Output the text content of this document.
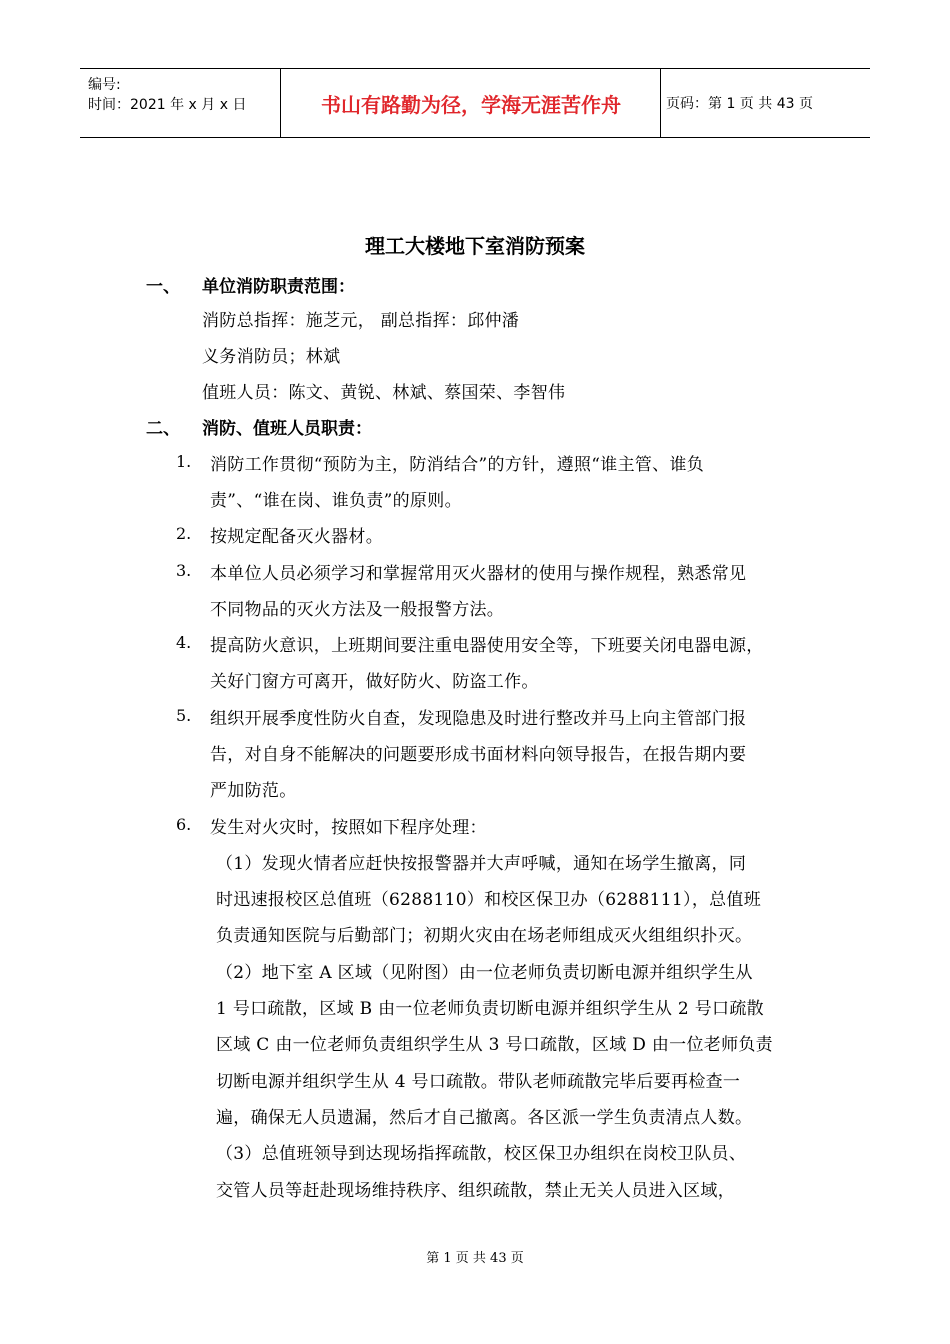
编号:
时间：2021 年 x 月 x 日	书山有路勤为径，学海无涯苦作舟	页码：第 1 页 共 43 页
理工大楼地下室消防预案
一、 单位消防职责范围：
消防总指挥：施芝元， 副总指挥：邱仲潘
义务消防员；林斌
值班人员：陈文、黄锐、林斌、蔡国荣、李智伟
二、 消防、值班人员职责：
1. 消防工作贯彻“预防为主，防消结合”的方针，遵照“谁主管、谁负
责”、“谁在岗、谁负责”的原则。
2. 按规定配备灭火器材。
3. 本单位人员必须学习和掌握常用灭火器材的使用与操作规程，熟悉常见
不同物品的灭火方法及一般报警方法。
4. 提高防火意识，上班期间要注重电器使用安全等，下班要关闭电器电源，
关好门窗方可离开，做好防火、防盗工作。
5. 组织开展季度性防火自查，发现隐患及时进行整改并马上向主管部门报
告，对自身不能解决的问题要形成书面材料向领导报告，在报告期内要
严加防范。
6. 发生对火灾时，按照如下程序处理：
（1）发现火情者应赶快按报警器并大声呼喊，通知在场学生撤离，同
时迅速报校区总值班（6288110）和校区保卫办（6288111），总值班
负责通知医院与后勤部门；初期火灾由在场老师组成灭火组组织扑灭。
（2）地下室 A 区域（见附图）由一位老师负责切断电源并组织学生从
1 号口疏散，区域 B 由一位老师负责切断电源并组织学生从 2 号口疏散
区域 C 由一位老师负责组织学生从 3 号口疏散，区域 D 由一位老师负责
切断电源并组织学生从 4 号口疏散。带队老师疏散完毕后要再检查一
遍，确保无人员遗漏，然后才自己撤离。各区派一学生负责清点人数。
（3）总值班领导到达现场指挥疏散，校区保卫办组织在岗校卫队员、
交管人员等赶赴现场维持秩序、组织疏散，禁止无关人员进入区域，
第 1 页 共 43 页
